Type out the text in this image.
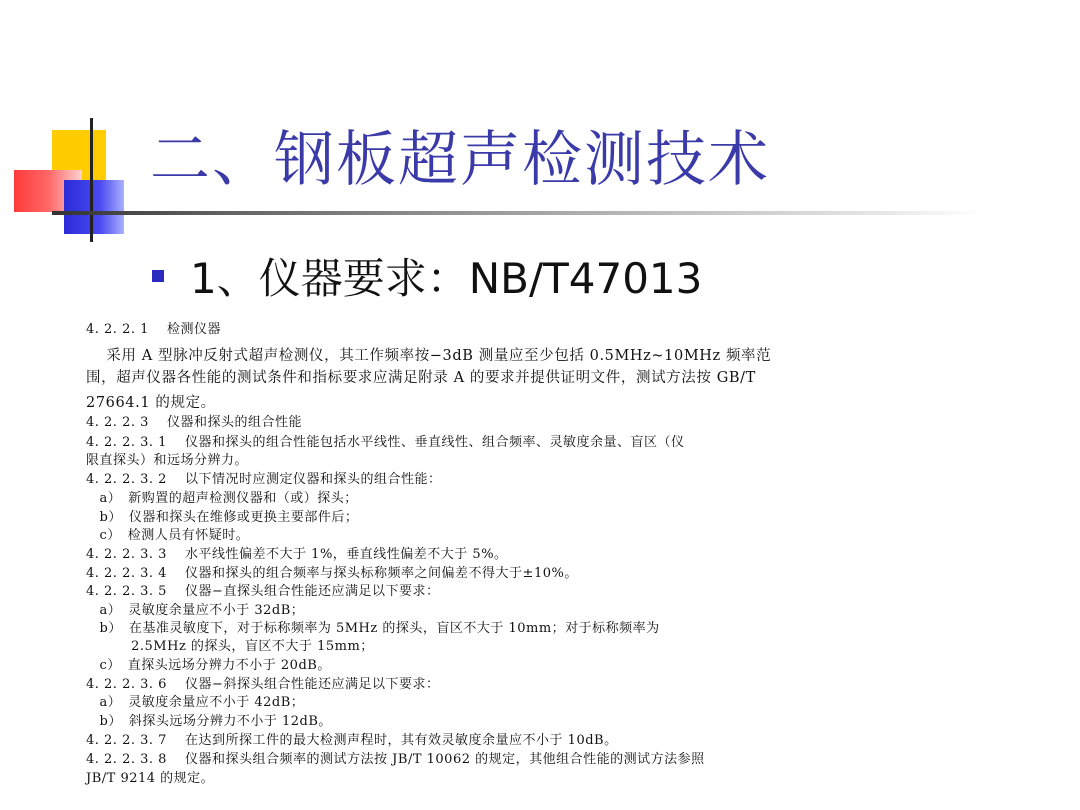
二、钢板超声检测技术
1、仪器要求：NB/T47013
4. 2. 2. 1　 检测仪器
　 采用 A 型脉冲反射式超声检测仪，其工作频率按−3dB 测量应至少包括 0.5MHz~10MHz 频率范
围，超声仪器各性能的测试条件和指标要求应满足附录 A 的要求并提供证明文件，测试方法按 GB/T
27664.1 的规定。
4. 2. 2. 3　 仪器和探头的组合性能
4. 2. 2. 3. 1　 仪器和探头的组合性能包括水平线性、垂直线性、组合频率、灵敏度余量、盲区（仪
限直探头）和远场分辨力。
4. 2. 2. 3. 2　 以下情况时应测定仪器和探头的组合性能：
　a）　新购置的超声检测仪器和（或）探头；
　b）　仪器和探头在维修或更换主要部件后；
　c）　检测人员有怀疑时。
4. 2. 2. 3. 3　 水平线性偏差不大于 1%，垂直线性偏差不大于 5%。
4. 2. 2. 3. 4　 仪器和探头的组合频率与探头标称频率之间偏差不得大于±10%。
4. 2. 2. 3. 5　 仪器−直探头组合性能还应满足以下要求：
　a）　灵敏度余量应不小于 32dB；
　b）　在基准灵敏度下，对于标称频率为 5MHz 的探头，盲区不大于 10mm；对于标称频率为
　　　 2.5MHz 的探头，盲区不大于 15mm；
　c）　直探头远场分辨力不小于 20dB。
4. 2. 2. 3. 6　 仪器−斜探头组合性能还应满足以下要求：
　a）　灵敏度余量应不小于 42dB；
　b）　斜探头远场分辨力不小于 12dB。
4. 2. 2. 3. 7　 在达到所探工件的最大检测声程时，其有效灵敏度余量应不小于 10dB。
4. 2. 2. 3. 8　 仪器和探头组合频率的测试方法按 JB/T 10062 的规定，其他组合性能的测试方法参照
JB/T 9214 的规定。
